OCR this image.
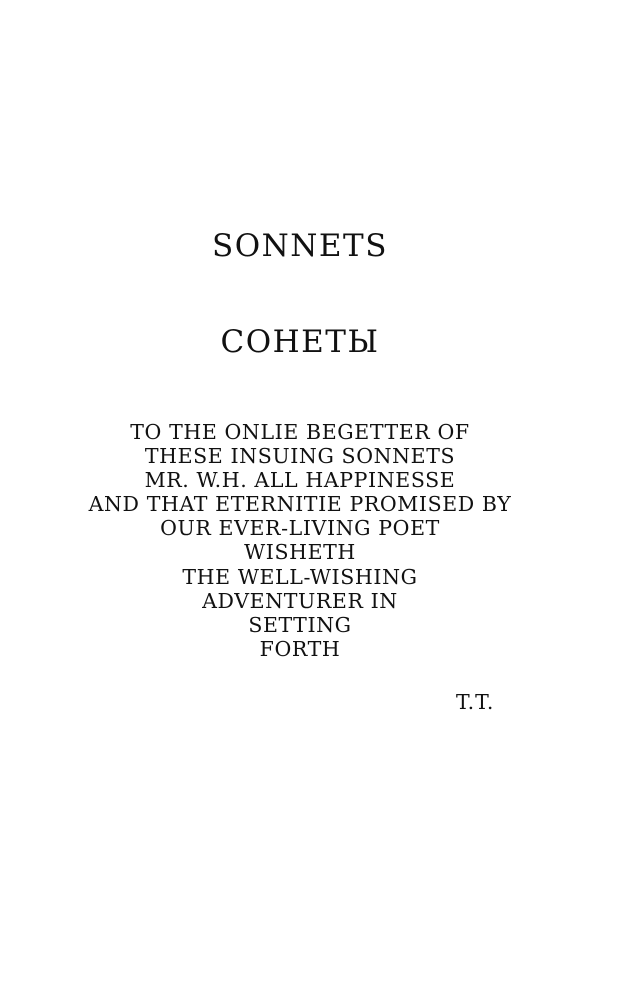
SONNETS
СОНЕТЫ
TO THE ONLIE BEGETTER OF
THESE INSUING SONNETS
MR. W.H. ALL HAPPINESSE
AND THAT ETERNITIE PROMISED BY
OUR EVER-LIVING POET
WISHETH
THE WELL-WISHING
ADVENTURER IN
SETTING
FORTH
T.T.
